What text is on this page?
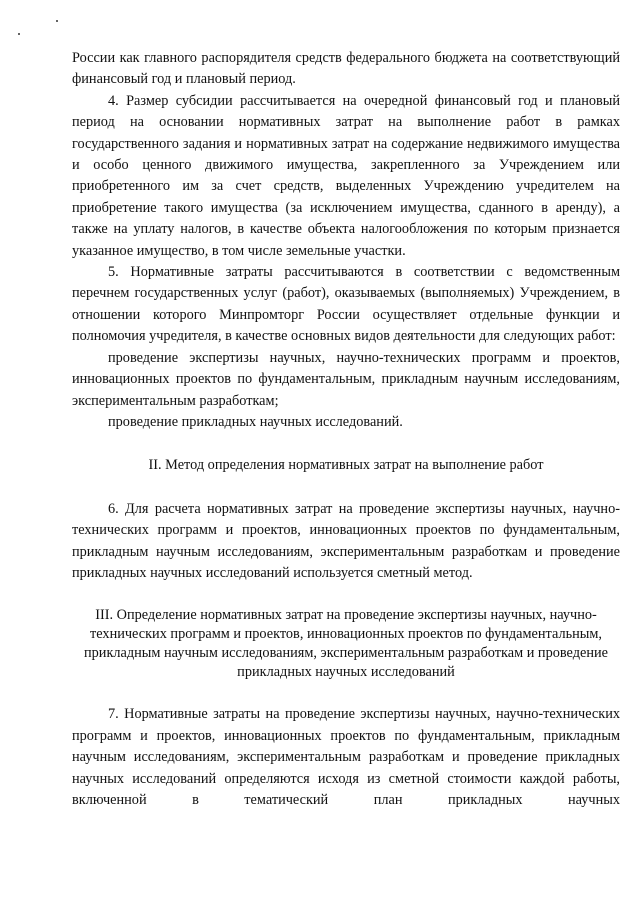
России как главного распорядителя средств федерального бюджета на соответствующий финансовый год и плановый период.

4. Размер субсидии рассчитывается на очередной финансовый год и плановый период на основании нормативных затрат на выполнение работ в рамках государственного задания и нормативных затрат на содержание недвижимого имущества и особо ценного движимого имущества, закрепленного за Учреждением или приобретенного им за счет средств, выделенных Учреждению учредителем на приобретение такого имущества (за исключением имущества, сданного в аренду), а также на уплату налогов, в качестве объекта налогообложения по которым признается указанное имущество, в том числе земельные участки.

5. Нормативные затраты рассчитываются в соответствии с ведомственным перечнем государственных услуг (работ), оказываемых (выполняемых) Учреждением, в отношении которого Минпромторг России осуществляет отдельные функции и полномочия учредителя, в качестве основных видов деятельности для следующих работ:

проведение экспертизы научных, научно-технических программ и проектов, инновационных проектов по фундаментальным, прикладным научным исследованиям, экспериментальным разработкам;

проведение прикладных научных исследований.

II. Метод определения нормативных затрат на выполнение работ

6. Для расчета нормативных затрат на проведение экспертизы научных, научно-технических программ и проектов, инновационных проектов по фундаментальным, прикладным научным исследованиям, экспериментальным разработкам и проведение прикладных научных исследований используется сметный метод.

III. Определение нормативных затрат на проведение экспертизы научных, научно-технических программ и проектов, инновационных проектов по фундаментальным, прикладным научным исследованиям, экспериментальным разработкам и проведение прикладных научных исследований

7. Нормативные затраты на проведение экспертизы научных, научно-технических программ и проектов, инновационных проектов по фундаментальным, прикладным научным исследованиям, экспериментальным разработкам и проведение прикладных научных исследований определяются исходя из сметной стоимости каждой работы, включенной в тематический план прикладных научных
